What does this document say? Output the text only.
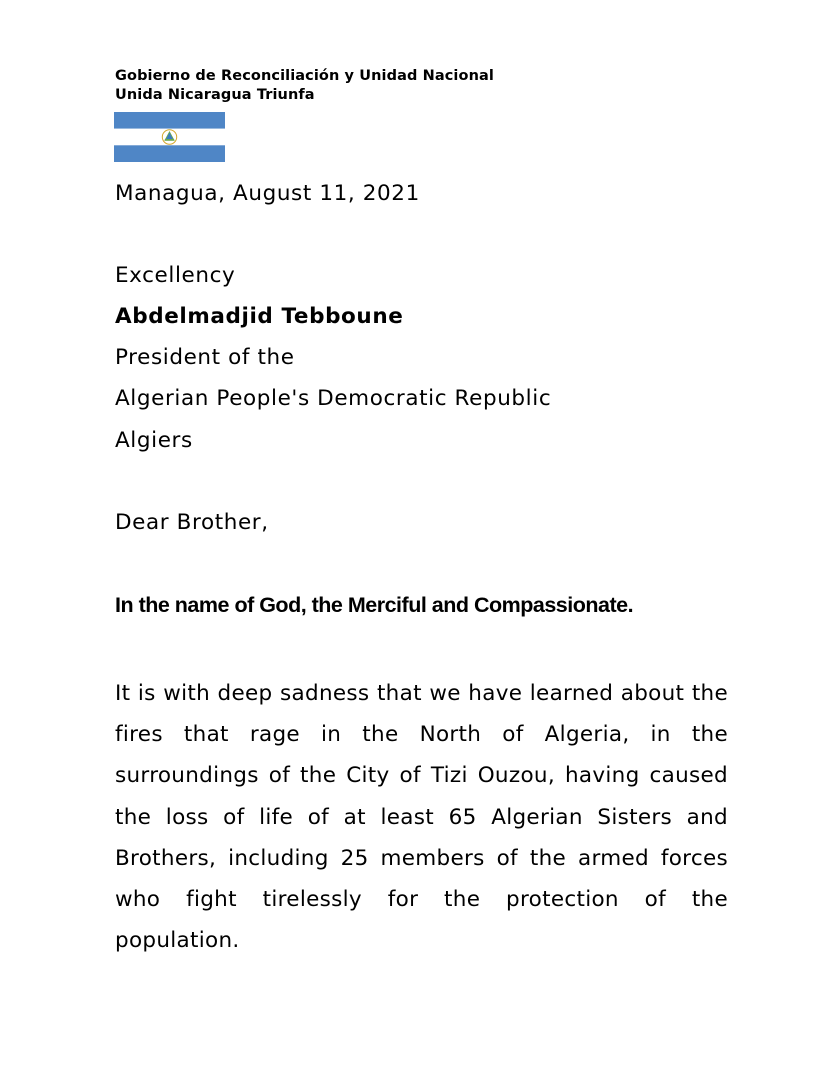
Gobierno de Reconciliación y Unidad Nacional
Unida Nicaragua Triunfa
Managua, August 11, 2021
Excellency
Abdelmadjid Tebboune
President of the
Algerian People's Democratic Republic
Algiers
Dear Brother,
In the name of God, the Merciful and Compassionate.
It is with deep sadness that we have learned about the fires that rage in the North of Algeria, in the surroundings of the City of Tizi Ouzou, having caused the loss of life of at least 65 Algerian Sisters and Brothers, including 25 members of the armed forces who fight tirelessly for the protection of the population.
